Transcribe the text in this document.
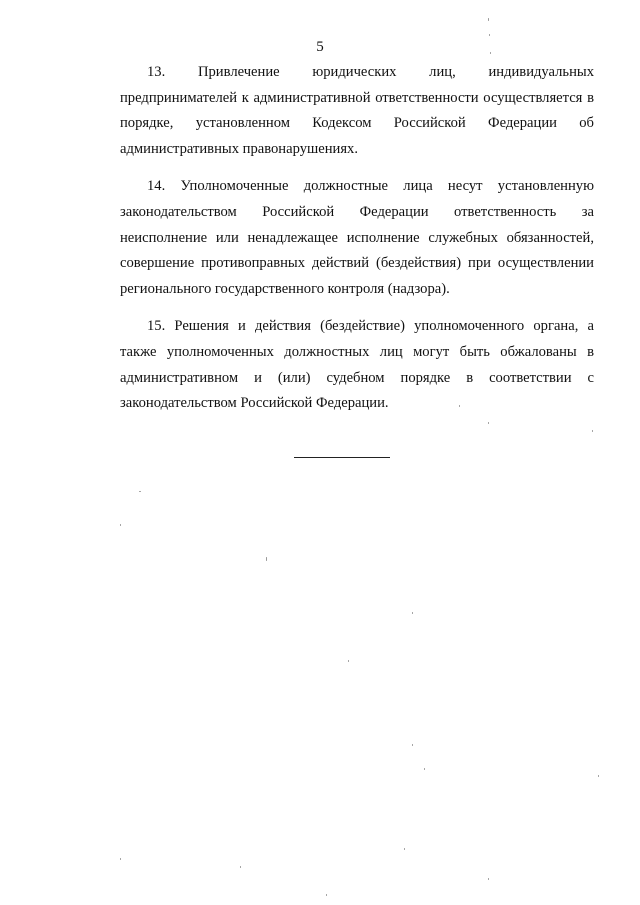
5

13. Привлечение юридических лиц, индивидуальных предпринимателей к административной ответственности осуществляется в порядке, установленном Кодексом Российской Федерации об административных правонарушениях.

14. Уполномоченные должностные лица несут установленную законодательством Российской Федерации ответственность за неисполнение или ненадлежащее исполнение служебных обязанностей, совершение противоправных действий (бездействия) при осуществлении регионального государственного контроля (надзора).

15. Решения и действия (бездействие) уполномоченного органа, а также уполномоченных должностных лиц могут быть обжалованы в административном и (или) судебном порядке в соответствии с законодательством Российской Федерации.
